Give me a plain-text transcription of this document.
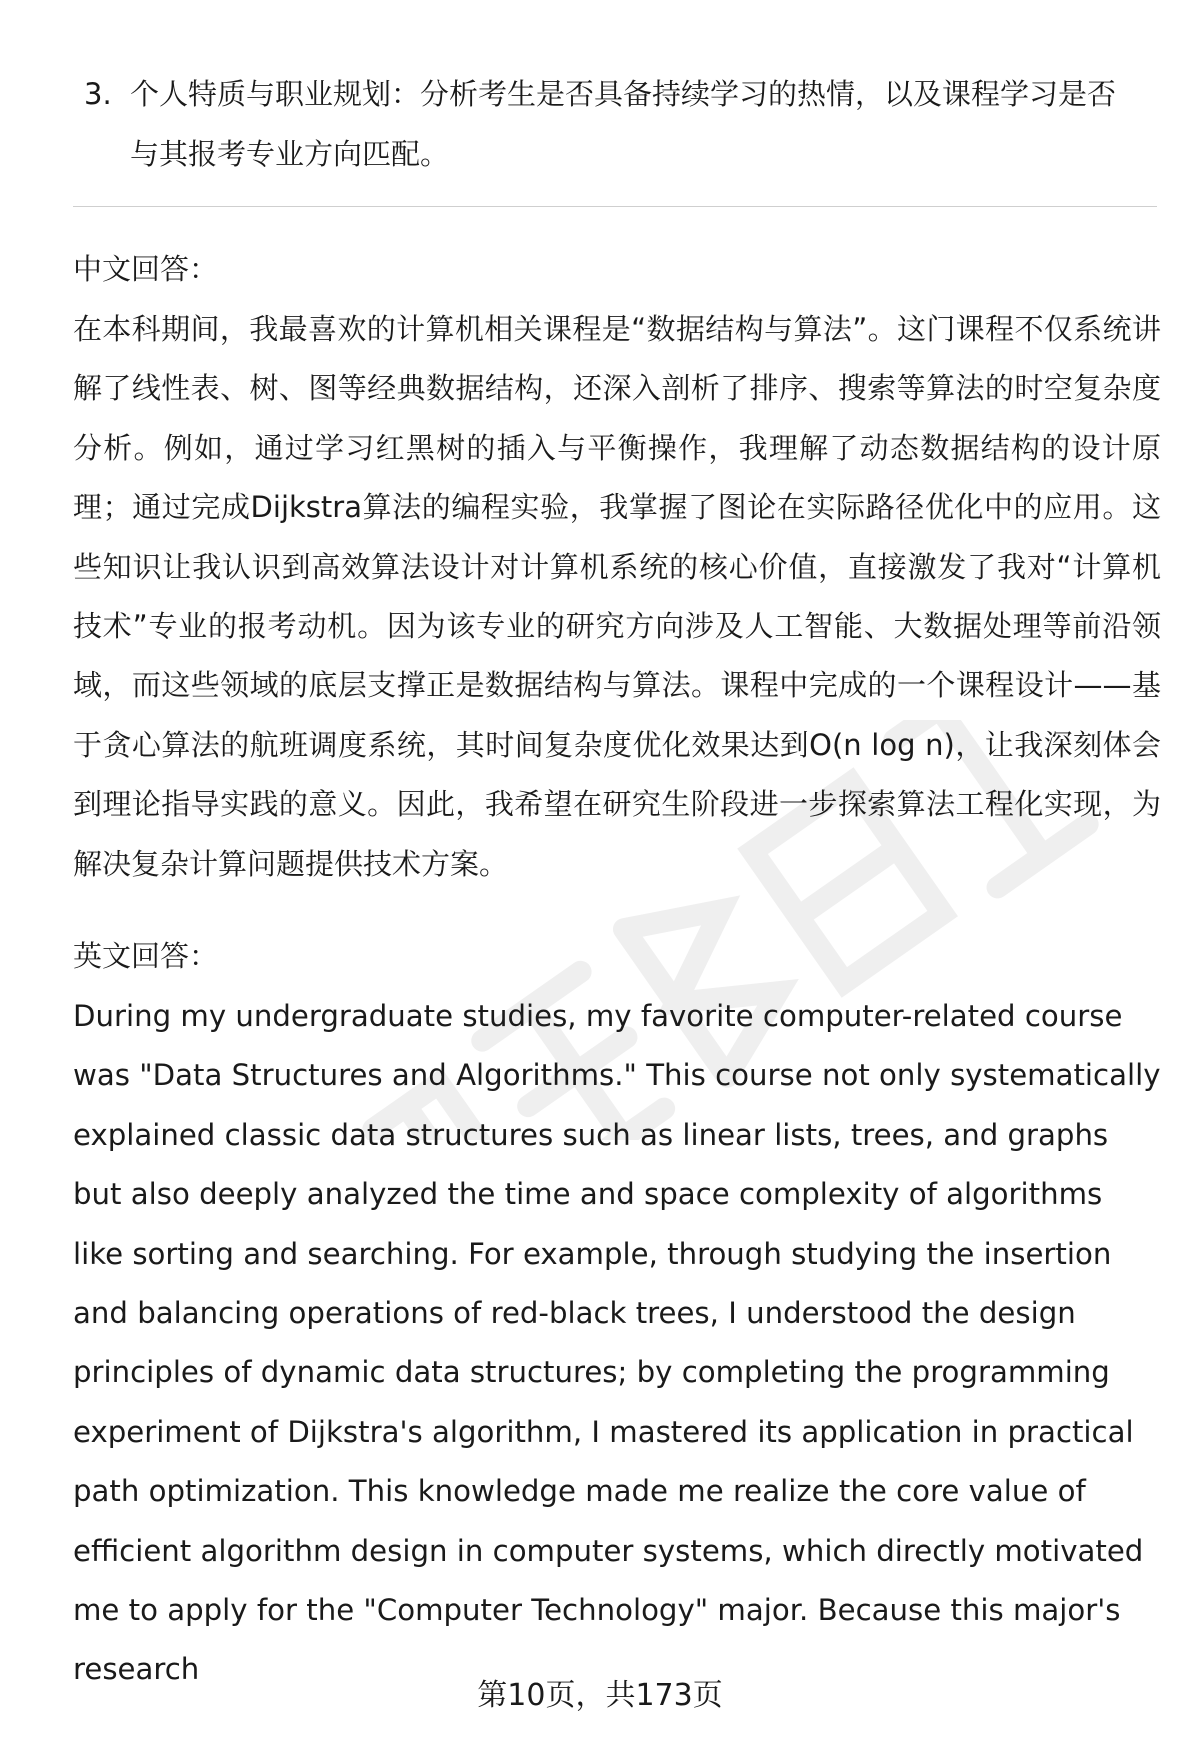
3. 个人特质与职业规划：分析考生是否具备持续学习的热情，以及课程学习是否与其报考专业方向匹配。
中文回答：

在本科期间，我最喜欢的计算机相关课程是“数据结构与算法”。这门课程不仅系统讲解了线性表、树、图等经典数据结构，还深入剖析了排序、搜索等算法的时空复杂度分析。例如，通过学习红黑树的插入与平衡操作，我理解了动态数据结构的设计原理；通过完成Dijkstra算法的编程实验，我掌握了图论在实际路径优化中的应用。这些知识让我认识到高效算法设计对计算机系统的核心价值，直接激发了我对“计算机技术”专业的报考动机。因为该专业的研究方向涉及人工智能、大数据处理等前沿领域，而这些领域的底层支撑正是数据结构与算法。课程中完成的一个课程设计——基于贪心算法的航班调度系统，其时间复杂度优化效果达到O(n log n)，让我深刻体会到理论指导实践的意义。因此，我希望在研究生阶段进一步探索算法工程化实现，为解决复杂计算问题提供技术方案。

英文回答：

During my undergraduate studies, my favorite computer-related course was "Data Structures and Algorithms." This course not only systematically explained classic data structures such as linear lists, trees, and graphs but also deeply analyzed the time and space complexity of algorithms like sorting and searching. For example, through studying the insertion and balancing operations of red-black trees, I understood the design principles of dynamic data structures; by completing the programming experiment of Dijkstra's algorithm, I mastered its application in practical path optimization. This knowledge made me realize the core value of efficient algorithm design in computer systems, which directly motivated me to apply for the "Computer Technology" major. Because this major's research

第10页，共173页
